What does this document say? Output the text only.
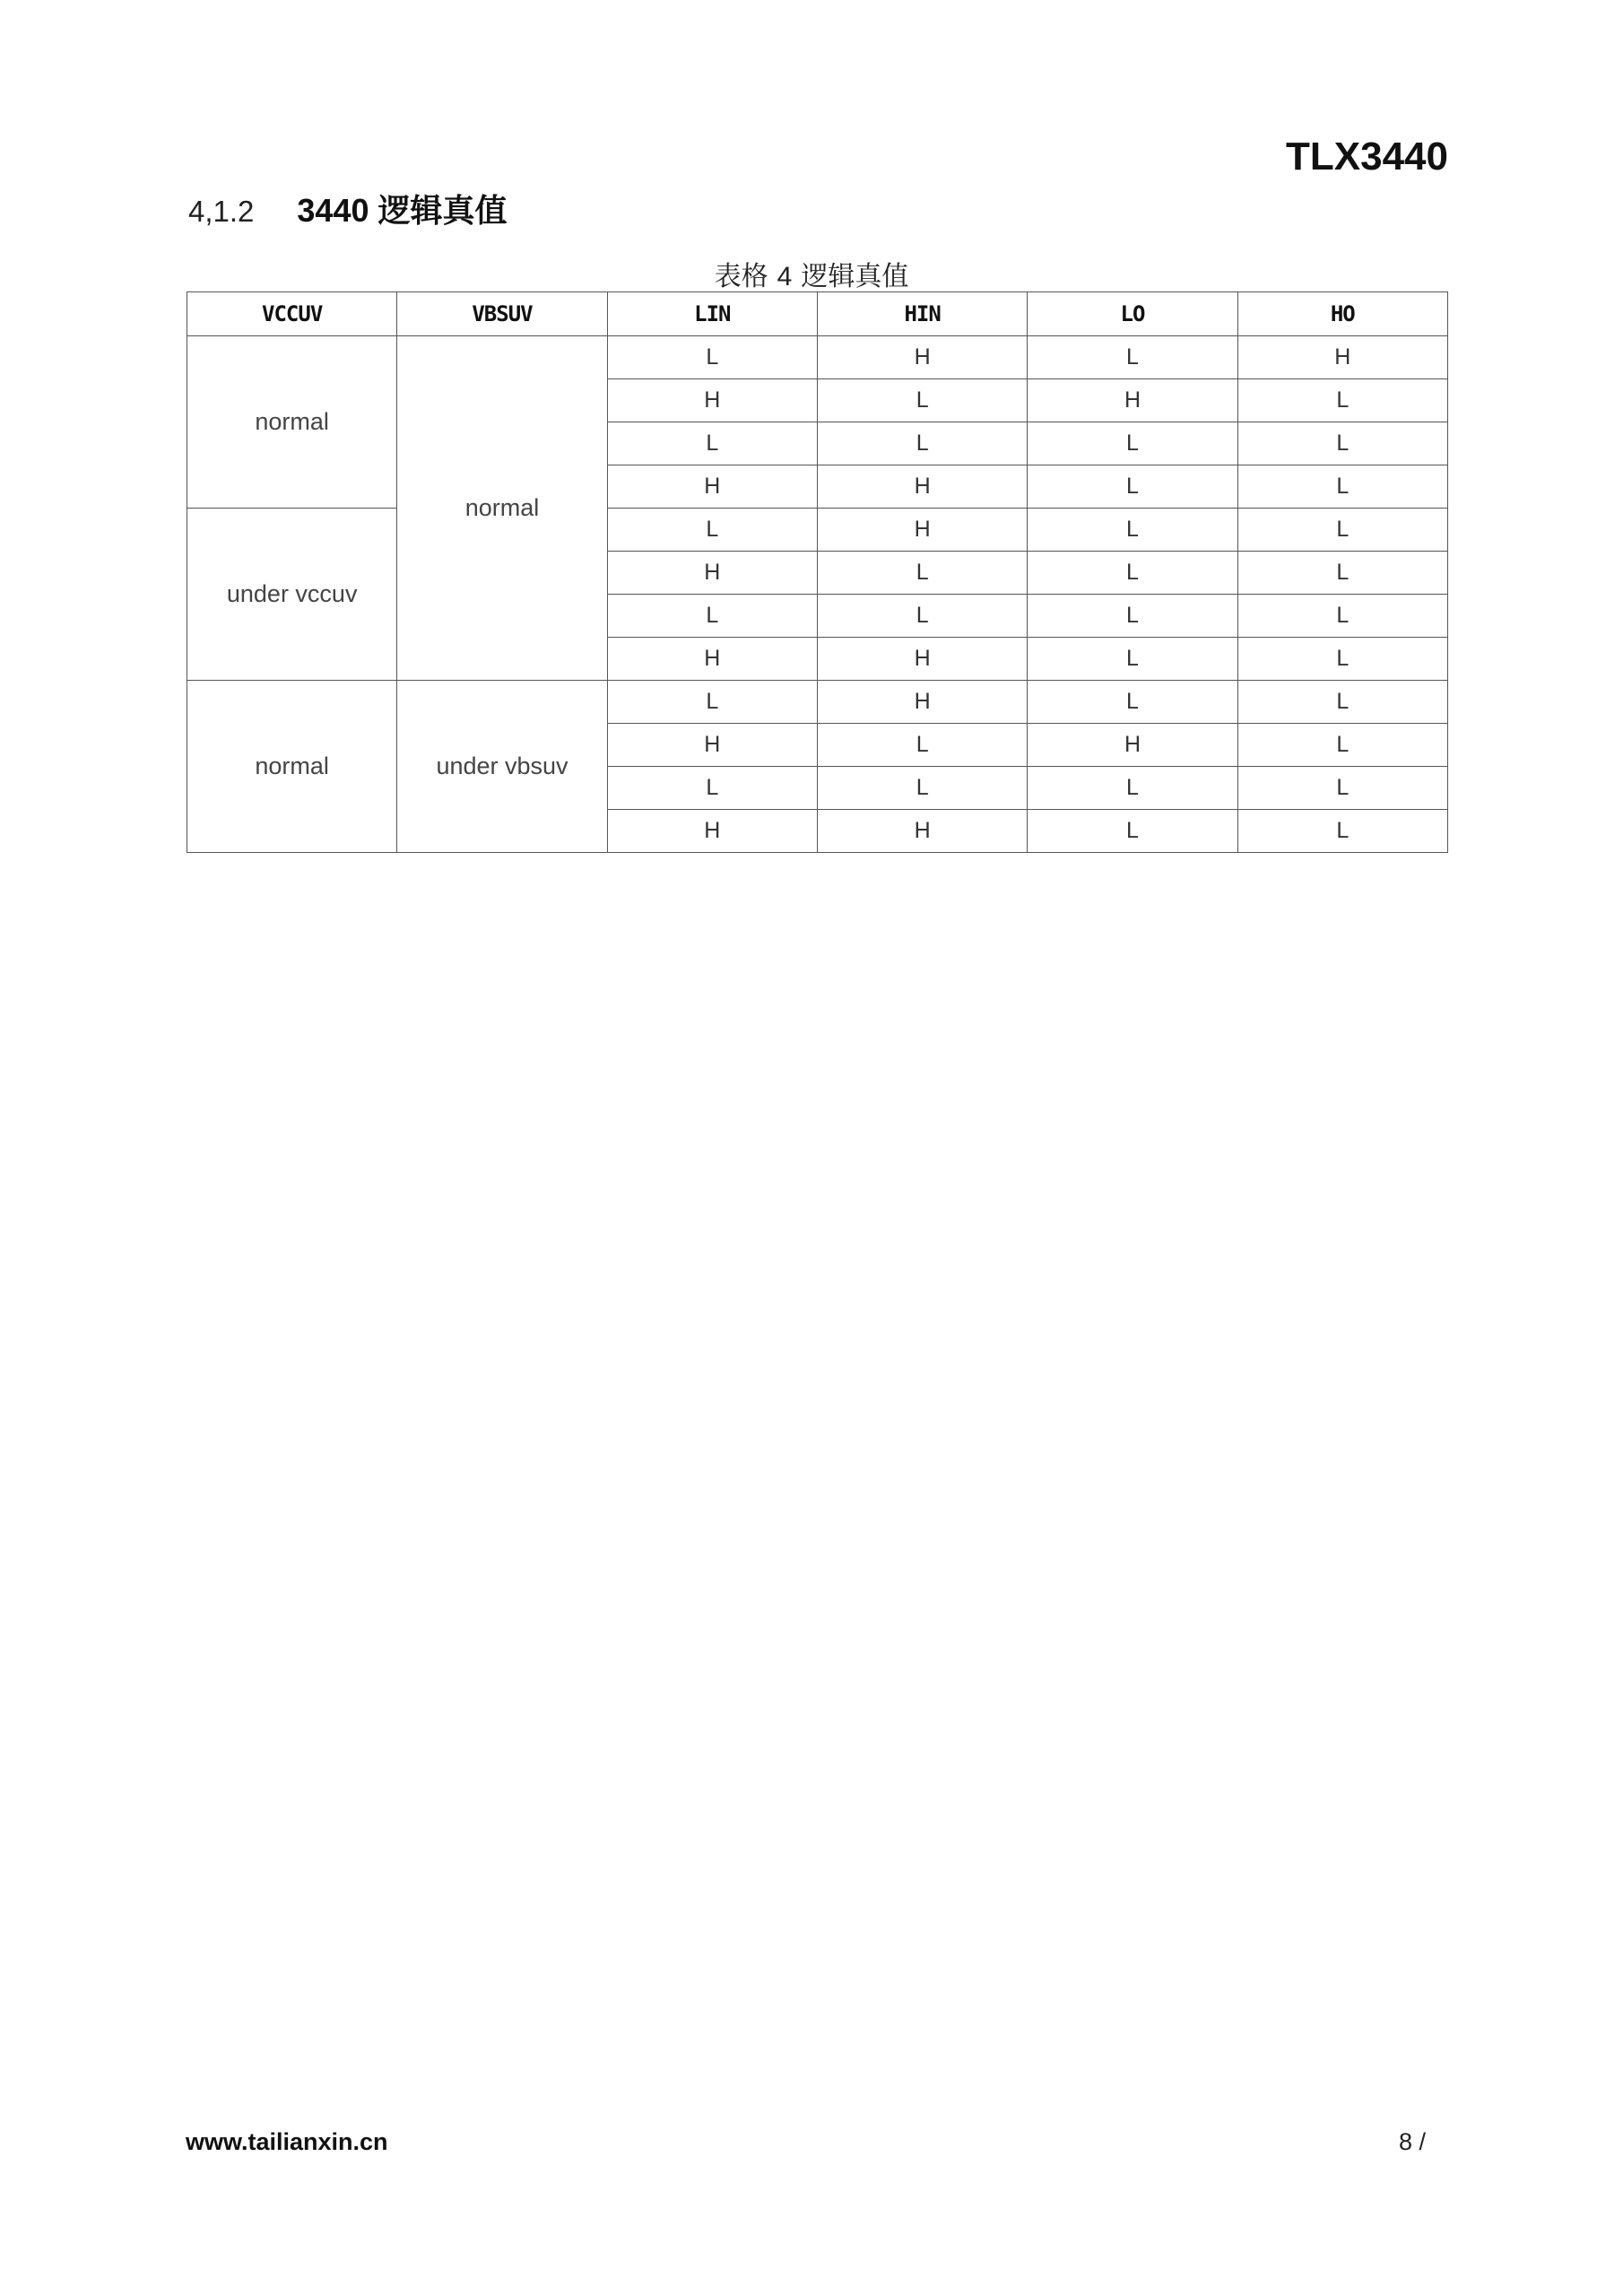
TLX3440
4,1.2 3440 逻辑真值
表格 4 逻辑真值
VCCUV	VBSUV	LIN	HIN	LO	HO
normal	normal	L	H	L	H
		H	L	H	L
		L	L	L	L
		H	H	L	L
under vccuv		L	H	L	L
		H	L	L	L
		L	L	L	L
		H	H	L	L
normal	under vbsuv	L	H	L	L
		H	L	H	L
		L	L	L	L
		H	H	L	L
www.tailianxin.cn	8 /
